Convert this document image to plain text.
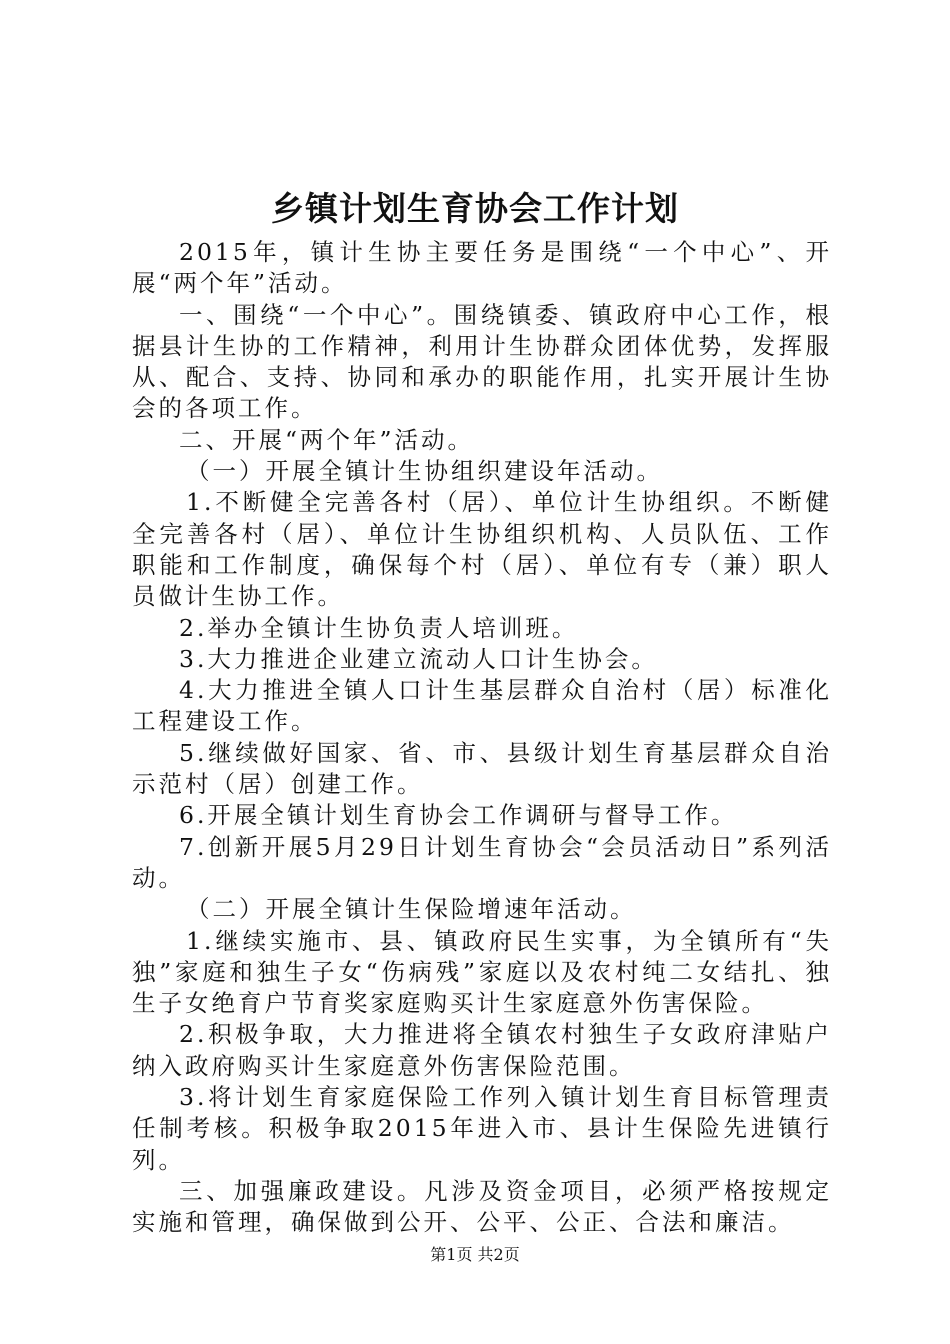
乡镇计划生育协会工作计划

2015年，镇计生协主要任务是围绕“一个中心”、开展“两个年”活动。

一、围绕“一个中心”。围绕镇委、镇政府中心工作，根据县计生协的工作精神，利用计生协群众团体优势，发挥服从、配合、支持、协同和承办的职能作用，扎实开展计生协会的各项工作。

二、开展“两个年”活动。

（一）开展全镇计生协组织建设年活动。

1.不断健全完善各村（居）、单位计生协组织。不断健全完善各村（居）、单位计生协组织机构、人员队伍、工作职能和工作制度，确保每个村（居）、单位有专（兼）职人员做计生协工作。

2.举办全镇计生协负责人培训班。

3.大力推进企业建立流动人口计生协会。

4.大力推进全镇人口计生基层群众自治村（居）标准化工程建设工作。

5.继续做好国家、省、市、县级计划生育基层群众自治示范村（居）创建工作。

6.开展全镇计划生育协会工作调研与督导工作。

7.创新开展5月29日计划生育协会“会员活动日”系列活动。

（二）开展全镇计生保险增速年活动。

1.继续实施市、县、镇政府民生实事，为全镇所有“失独”家庭和独生子女“伤病残”家庭以及农村纯二女结扎、独生子女绝育户节育奖家庭购买计生家庭意外伤害保险。

2.积极争取，大力推进将全镇农村独生子女政府津贴户纳入政府购买计生家庭意外伤害保险范围。

3.将计划生育家庭保险工作列入镇计划生育目标管理责任制考核。积极争取2015年进入市、县计生保险先进镇行列。

三、加强廉政建设。凡涉及资金项目，必须严格按规定实施和管理，确保做到公开、公平、公正、合法和廉洁。

第1页 共2页
